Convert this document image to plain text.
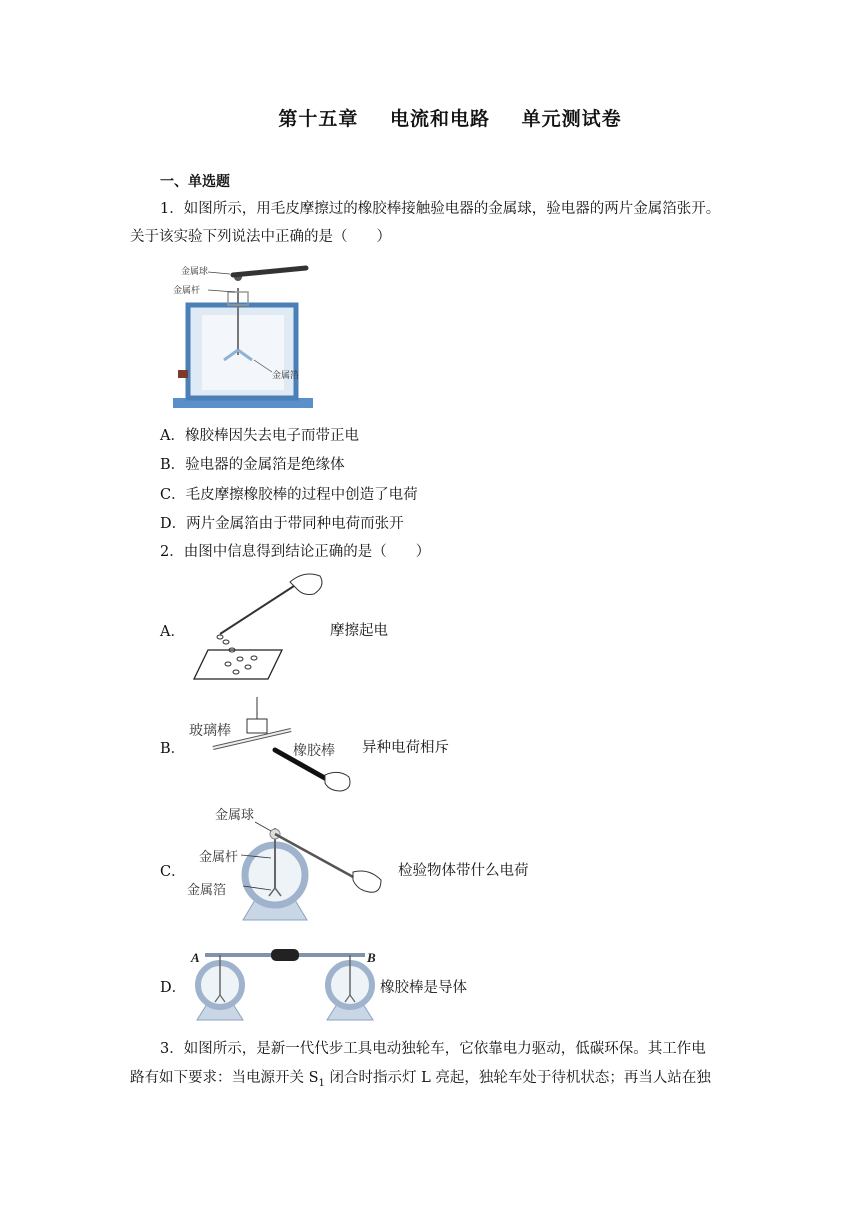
第十五章 电流和电路 单元测试卷
一、单选题
1．如图所示，用毛皮摩擦过的橡胶棒接触验电器的金属球，验电器的两片金属箔张开。
关于该实验下列说法中正确的是（　　）
金属球
金属杆
金属箔
A．橡胶棒因失去电子而带正电
B．验电器的金属箔是绝缘体
C．毛皮摩擦橡胶棒的过程中创造了电荷
D．两片金属箔由于带同种电荷而张开
2．由图中信息得到结论正确的是（　　）
A．	摩擦起电
B．
玻璃棒
橡胶棒 异种电荷相斥
C．
金属球
金属杆
金属箔
检验物体带什么电荷
D．
A	B
橡胶棒是导体
3．如图所示，是新一代代步工具电动独轮车，它依靠电力驱动，低碳环保。其工作电
路有如下要求：当电源开关 $S_1$ 闭合时指示灯 L 亮起，独轮车处于待机状态；再当人站在独
